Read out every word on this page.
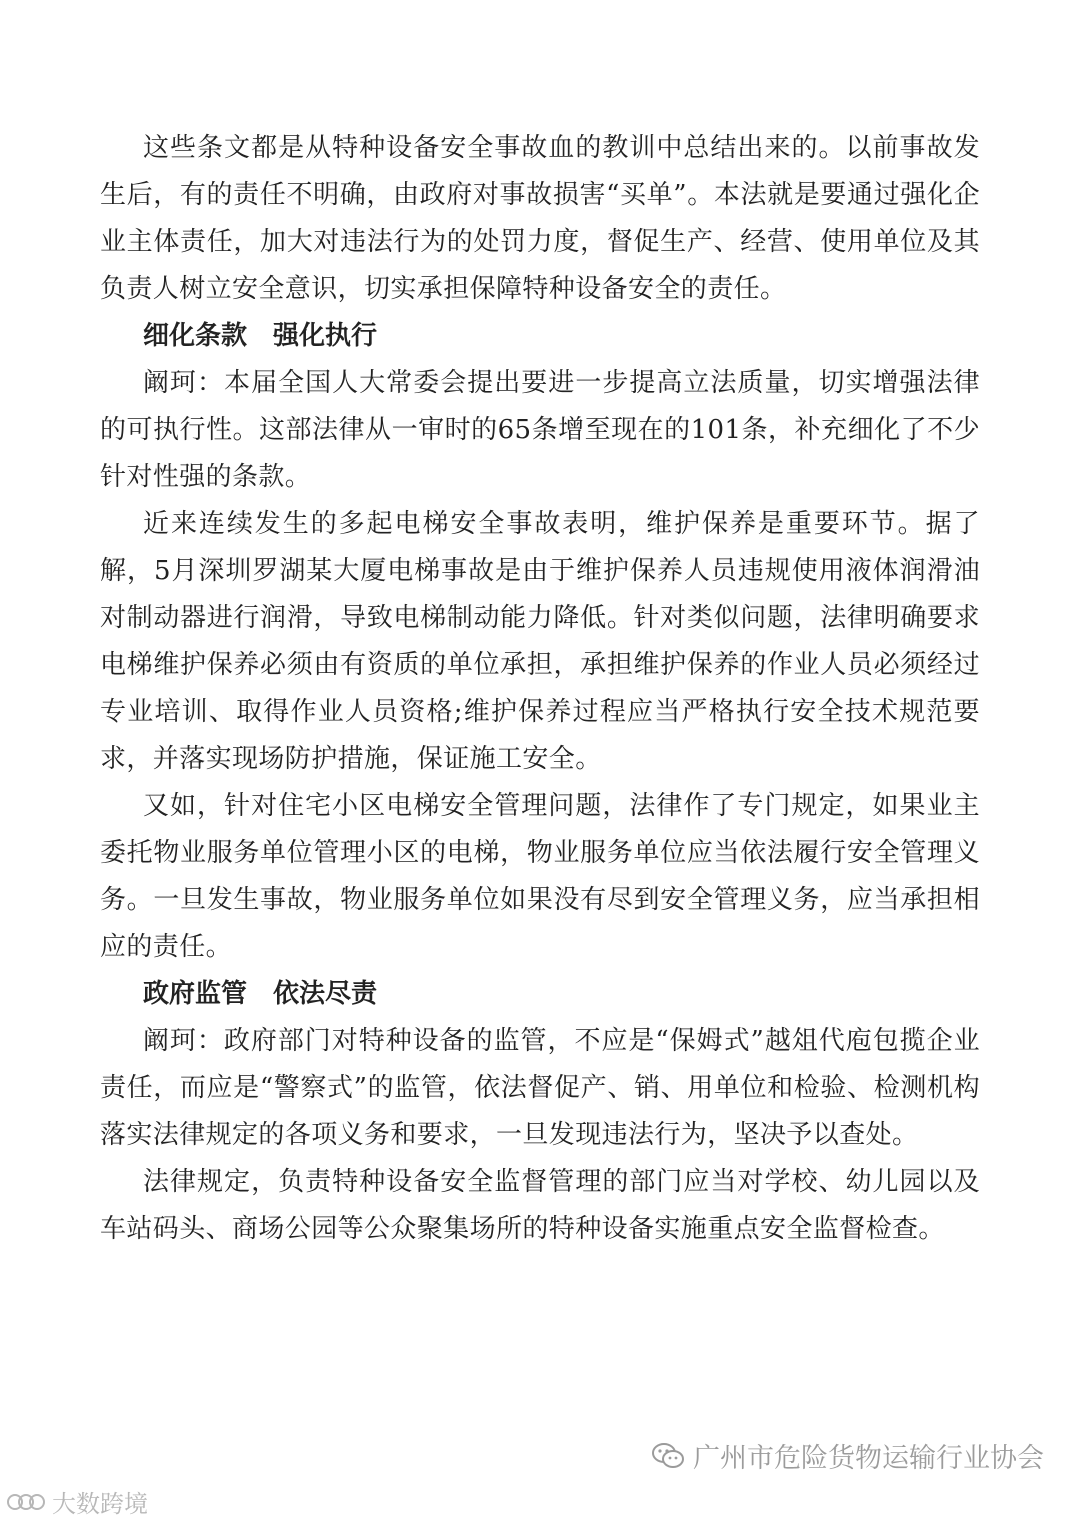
这些条文都是从特种设备安全事故血的教训中总结出来的。以前事故发生后，有的责任不明确，由政府对事故损害“买单”。本法就是要通过强化企业主体责任，加大对违法行为的处罚力度，督促生产、经营、使用单位及其负责人树立安全意识，切实承担保障特种设备安全的责任。

细化条款　强化执行

阚珂：本届全国人大常委会提出要进一步提高立法质量，切实增强法律的可执行性。这部法律从一审时的65条增至现在的101条，补充细化了不少针对性强的条款。

近来连续发生的多起电梯安全事故表明，维护保养是重要环节。据了解，5月深圳罗湖某大厦电梯事故是由于维护保养人员违规使用液体润滑油对制动器进行润滑，导致电梯制动能力降低。针对类似问题，法律明确要求电梯维护保养必须由有资质的单位承担，承担维护保养的作业人员必须经过专业培训、取得作业人员资格;维护保养过程应当严格执行安全技术规范要求，并落实现场防护措施，保证施工安全。

又如，针对住宅小区电梯安全管理问题，法律作了专门规定，如果业主委托物业服务单位管理小区的电梯，物业服务单位应当依法履行安全管理义务。一旦发生事故，物业服务单位如果没有尽到安全管理义务，应当承担相应的责任。

政府监管　依法尽责

阚珂：政府部门对特种设备的监管，不应是“保姆式”越俎代庖包揽企业责任，而应是“警察式”的监管，依法督促产、销、用单位和检验、检测机构落实法律规定的各项义务和要求，一旦发现违法行为，坚决予以查处。

法律规定，负责特种设备安全监督管理的部门应当对学校、幼儿园以及车站码头、商场公园等公众聚集场所的特种设备实施重点安全监督检查。

广州市危险货物运输行业协会
大数跨境
